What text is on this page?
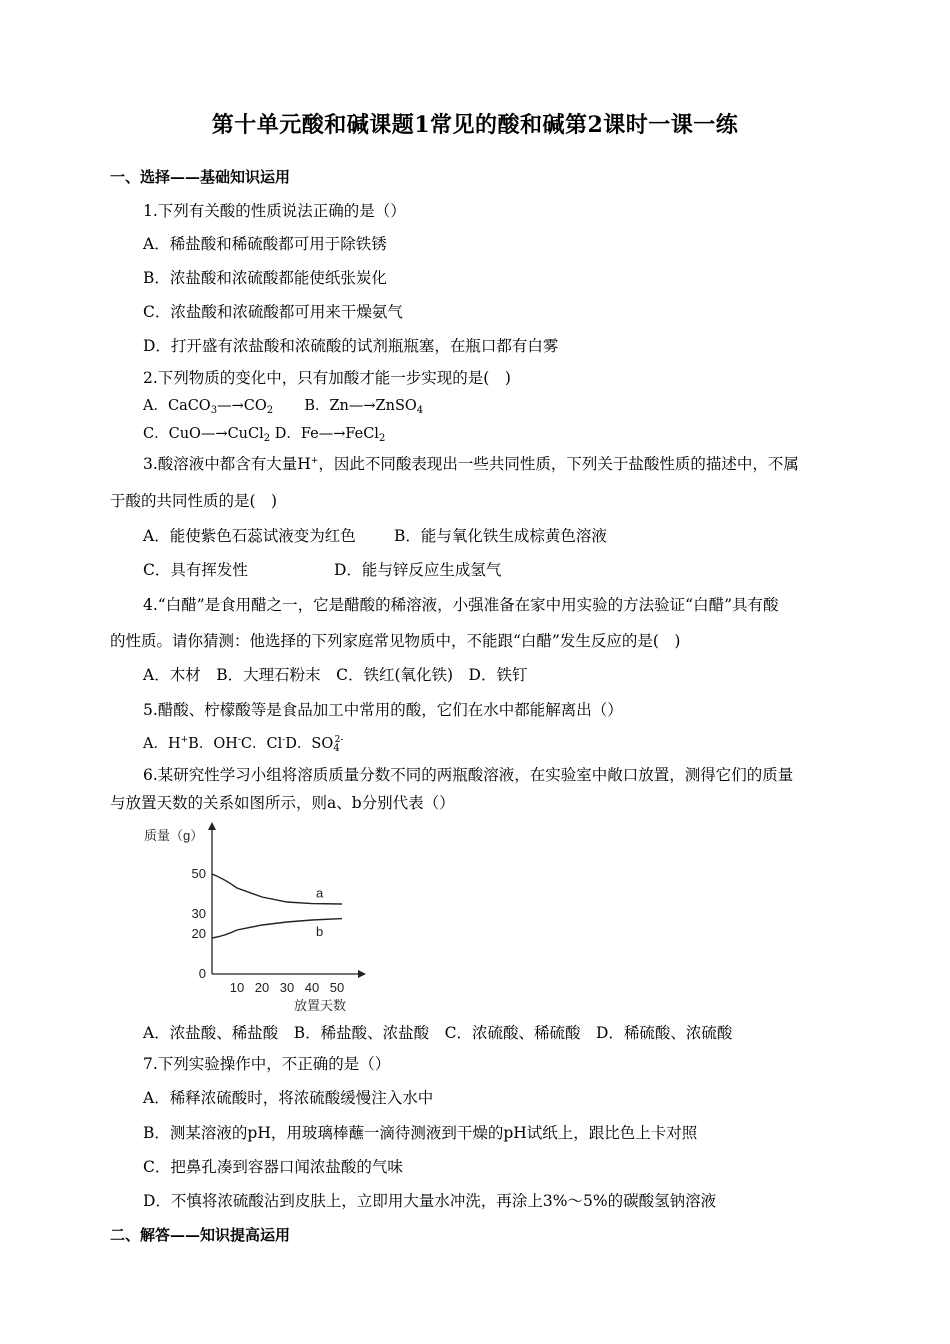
第十单元酸和碱课题1常见的酸和碱第2课时一课一练
一、选择——基础知识运用
1.下列有关酸的性质说法正确的是（）
A．稀盐酸和稀硫酸都可用于除铁锈
B．浓盐酸和浓硫酸都能使纸张炭化
C．浓盐酸和浓硫酸都可用来干燥氨气
D．打开盛有浓盐酸和浓硫酸的试剂瓶瓶塞，在瓶口都有白雾
2.下列物质的变化中，只有加酸才能一步实现的是(　)
A．$CaCO_3—\to CO_2$ B．Zn—→ZnSO$_4$
C．CuO—→CuCl$_2$ D．Fe—→FeCl$_2$
3.酸溶液中都含有大量H+，因此不同酸表现出一些共同性质，下列关于盐酸性质的描述中，不属
于酸的共同性质的是(　)
A．能使紫色石蕊试液变为红色 B．能与氧化铁生成棕黄色溶液
C．具有挥发性	D．能与锌反应生成氢气
4.“白醋”是食用醋之一，它是醋酸的稀溶液，小强准备在家中用实验的方法验证“白醋”具有酸
的性质。请你猜测：他选择的下列家庭常见物质中，不能跟“白醋”发生反应的是(　)
A．木材　B．大理石粉末　C．铁红(氧化铁)　D．铁钉
5.醋酸、柠檬酸等是食品加工中常用的酸，它们在水中都能解离出（）
A．H+B．OH-C．Cl-D．$SO_4^{2-}$
6.某研究性学习小组将溶质质量分数不同的两瓶酸溶液，在实验室中敞口放置，测得它们的质量
与放置天数的关系如图所示，则a、b分别代表（）
质量（g）
放置天数
10 20 30 40 50
50
30
20
0
a
b
A．浓盐酸、稀盐酸　B．稀盐酸、浓盐酸　C．浓硫酸、稀硫酸　D．稀硫酸、浓硫酸
7.下列实验操作中，不正确的是（）
A．稀释浓硫酸时，将浓硫酸缓慢注入水中
B．测某溶液的pH，用玻璃棒蘸一滴待测液到干燥的pH试纸上，跟比色上卡对照
C．把鼻孔凑到容器口闻浓盐酸的气味
D．不慎将浓硫酸沾到皮肤上，立即用大量水冲洗，再涂上3%～5%的碳酸氢钠溶液
二、解答——知识提高运用
